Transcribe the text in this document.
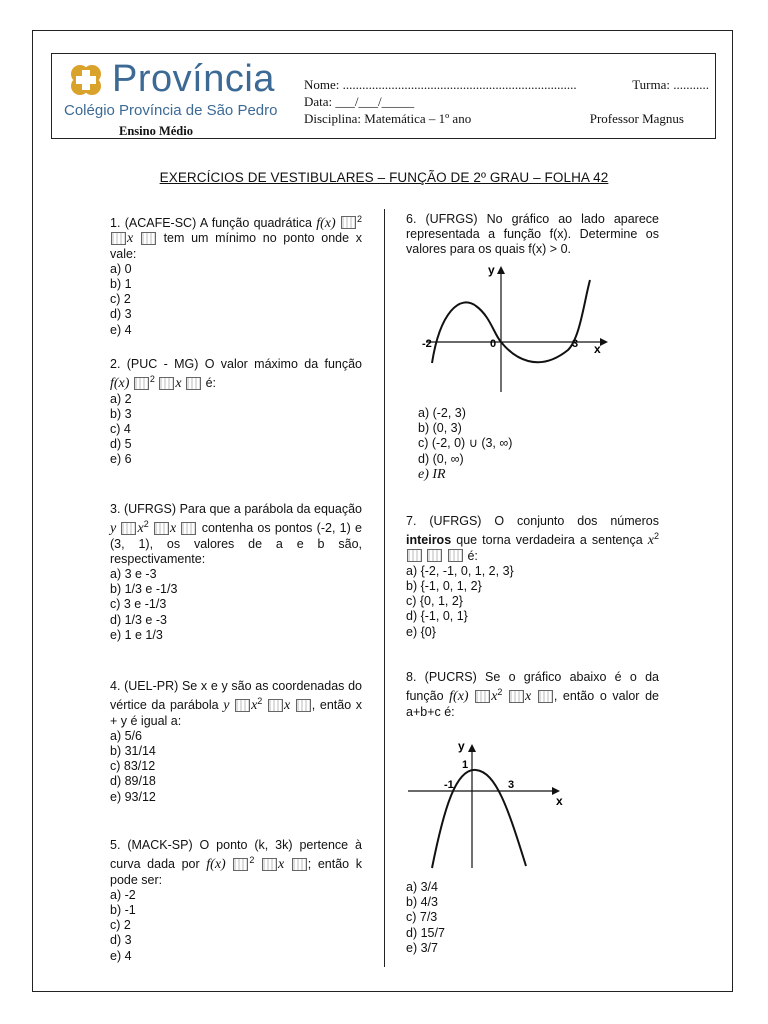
Província
Colégio Província de São Pedro
Ensino Médio
Nome: ........................................................................	Turma: ...........
Data: ___/___/_____
Disciplina: Matemática – 1º ano	Professor Magnus
EXERCÍCIOS DE VESTIBULARES – FUNÇÃO DE 2º GRAU – FOLHA 42

1. (ACAFE-SC) A função quadrática f(x) $^2$ x tem um mínimo no ponto onde x vale:

a) 0
b) 1
c) 2
d) 3
e) 4

2. (PUC - MG) O valor máximo da função f(x) $^2$ x é:

a) 2
b) 3
c) 4
d) 5
e) 6

3. (UFRGS) Para que a parábola da equação y $x^2$ x contenha os pontos (-2, 1) e (3, 1), os valores de a e b são, respectivamente:

a) 3 e -3
b) 1/3 e -1/3
c) 3 e -1/3
d) 1/3 e -3
e) 1 e 1/3

4. (UEL-PR) Se x e y são as coordenadas do vértice da parábola y $x^2$ x , então x + y é igual a:

a) 5/6
b) 31/14
c) 83/12
d) 89/18
e) 93/12

5. (MACK-SP) O ponto (k, 3k) pertence à curva dada por f(x)	$^2$ x ; então k pode ser:

a) -2
b) -1
c) 2
d) 3
e) 4

6. (UFRGS) No gráfico ao lado aparece representada a função f(x). Determine os valores para os quais f(x) > 0.

y
x
-2	0	3
a) (-2, 3)
b) (0, 3)
c) (-2, 0) ∪ (3, ∞)
d) (0, ∞)
e) IR

7. (UFRGS) O conjunto dos números inteiros que torna verdadeira a sentença $x^2$    é:

a) {-2, -1, 0, 1, 2, 3}
b) {-1, 0, 1, 2}
c) {0, 1, 2}
d) {-1, 0, 1}
e) {0}

8. (PUCRS) Se o gráfico abaixo é o da função f(x) $x^2$ x , então o valor de a+b+c é:

y
x
-1
1
3
a) 3/4
b) 4/3
c) 7/3
d) 15/7
e) 3/7
